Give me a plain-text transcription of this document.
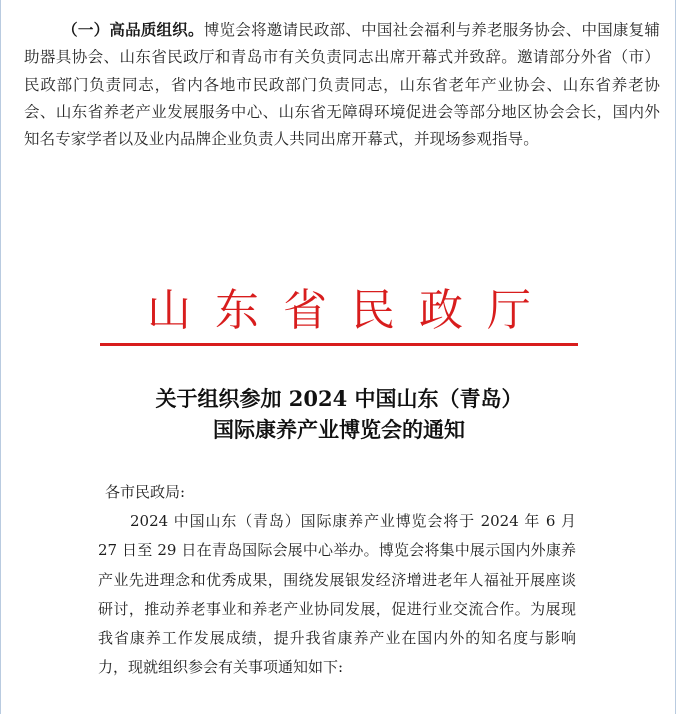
（一）高品质组织。博览会将邀请民政部、中国社会福利与养老服务协会、中国康复辅助器具协会、山东省民政厅和青岛市有关负责同志出席开幕式并致辞。邀请部分外省（市）民政部门负责同志，省内各地市民政部门负责同志，山东省老年产业协会、山东省养老协会、山东省养老产业发展服务中心、山东省无障碍环境促进会等部分地区协会会长，国内外知名专家学者以及业内品牌企业负责人共同出席开幕式，并现场参观指导。
山东省民政厅
关于组织参加 2024 中国山东（青岛）
国际康养产业博览会的通知
各市民政局:

2024 中国山东（青岛）国际康养产业博览会将于 2024 年 6 月 27 日至 29 日在青岛国际会展中心举办。博览会将集中展示国内外康养产业先进理念和优秀成果，围绕发展银发经济增进老年人福祉开展座谈研讨，推动养老事业和养老产业协同发展，促进行业交流合作。为展现我省康养工作发展成绩，提升我省康养产业在国内外的知名度与影响力，现就组织参会有关事项通知如下:
